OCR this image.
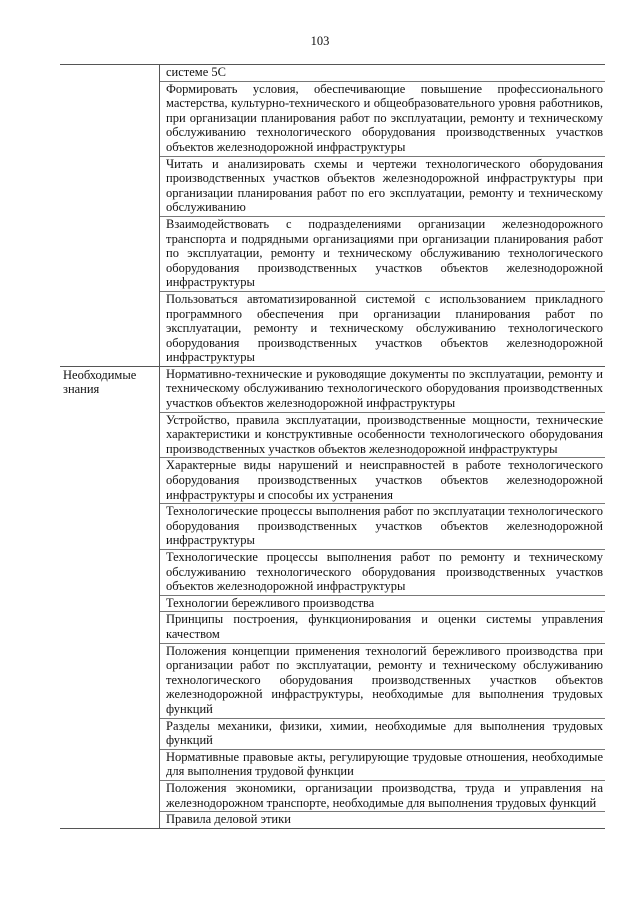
103
системе 5С
Формировать условия, обеспечивающие повышение профессионального мастерства, культурно-технического и общеобразовательного уровня работников, при организации планирования работ по эксплуатации, ремонту и техническому обслуживанию технологического оборудования производственных участков объектов железнодорожной инфраструктуры
Читать и анализировать схемы и чертежи технологического оборудования производственных участков объектов железнодорожной инфраструктуры при организации планирования работ по его эксплуатации, ремонту и техническому обслуживанию
Взаимодействовать с подразделениями организации железнодорожного транспорта и подрядными организациями при организации планирования работ по эксплуатации, ремонту и техническому обслуживанию технологического оборудования производственных участков объектов железнодорожной инфраструктуры
Пользоваться автоматизированной системой с использованием прикладного программного обеспечения при организации планирования работ по эксплуатации, ремонту и техническому обслуживанию технологического оборудования производственных участков объектов железнодорожной инфраструктуры
Необходимые знания
Нормативно-технические и руководящие документы по эксплуатации, ремонту и техническому обслуживанию технологического оборудования производственных участков объектов железнодорожной инфраструктуры
Устройство, правила эксплуатации, производственные мощности, технические характеристики и конструктивные особенности технологического оборудования производственных участков объектов железнодорожной инфраструктуры
Характерные виды нарушений и неисправностей в работе технологического оборудования производственных участков объектов железнодорожной инфраструктуры и способы их устранения
Технологические процессы выполнения работ по эксплуатации технологического оборудования производственных участков объектов железнодорожной инфраструктуры
Технологические процессы выполнения работ по ремонту и техническому обслуживанию технологического оборудования производственных участков объектов железнодорожной инфраструктуры
Технологии бережливого производства
Принципы построения, функционирования и оценки системы управления качеством
Положения концепции применения технологий бережливого производства при организации работ по эксплуатации, ремонту и техническому обслуживанию технологического оборудования производственных участков объектов железнодорожной инфраструктуры, необходимые для выполнения трудовых функций
Разделы механики, физики, химии, необходимые для выполнения трудовых функций
Нормативные правовые акты, регулирующие трудовые отношения, необходимые для выполнения трудовой функции
Положения экономики, организации производства, труда и управления на железнодорожном транспорте, необходимые для выполнения трудовых функций
Правила деловой этики
